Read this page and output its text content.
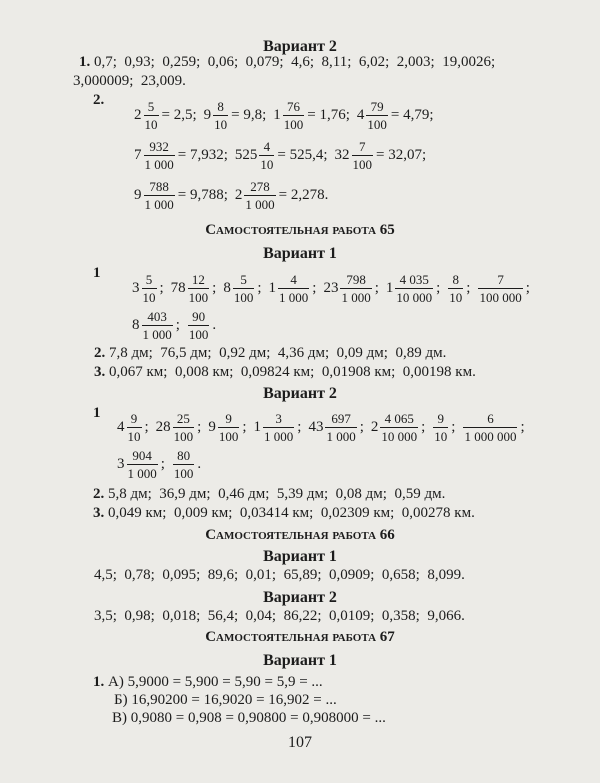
Вариант 2
1. 0,7;  0,93;  0,259;  0,06;  0,079;  4,6;  8,11;  6,02;  2,003;  19,0026;
3,000009;  23,009.
2.
$2 \frac{5}{10} = 2,5$; $9 \frac{8}{10} = 9,8$; $1 \frac{76}{100} = 1,76$; $4 \frac{79}{100} = 4,79$;
$7 \frac{932}{1 000} = 7,932$; $525 \frac{4}{10} = 525,4$; $32 \frac{7}{100} = 32,07$;
$9 \frac{788}{1 000} = 9,788$; $2 \frac{278}{1 000} = 2,278$.
Самостоятельная работа 65
Вариант 1
1
$3 \frac{5}{10}$ ; $78 \frac{12}{100}$ ; $8 \frac{5}{100}$ ; $1 \frac{4}{1 000}$ ; $23 \frac{798}{1 000}$ ; $1 \frac{4 035}{10 000}$ ; $\frac{8}{10}$ ; $\frac{7}{100 000}$ ;
$8 \frac{403}{1 000}$ ; $\frac{90}{100}$ .
2. 7,8 дм;  76,5 дм;  0,92 дм;  4,36 дм;  0,09 дм;  0,89 дм.
3. 0,067 км;  0,008 км;  0,09824 км;  0,01908 км;  0,00198 км.
Вариант 2
1
$4 \frac{9}{10}$ ; $28 \frac{25}{100}$ ; $9 \frac{9}{100}$ ; $1 \frac{3}{1 000}$ ; $43 \frac{697}{1 000}$ ; $2 \frac{4 065}{10 000}$ ; $\frac{9}{10}$ ; $\frac{6}{1 000 000}$ ;
$3 \frac{904}{1 000}$ ; $\frac{80}{100}$ .
2. 5,8 дм;  36,9 дм;  0,46 дм;  5,39 дм;  0,08 дм;  0,59 дм.
3. 0,049 км;  0,009 км;  0,03414 км;  0,02309 км;  0,00278 км.
Самостоятельная работа 66
Вариант 1
4,5;  0,78;  0,095;  89,6;  0,01;  65,89;  0,0909;  0,658;  8,099.
Вариант 2
3,5;  0,98;  0,018;  56,4;  0,04;  86,22;  0,0109;  0,358;  9,066.
Самостоятельная работа 67
Вариант 1
1. А) 5,9000 = 5,900 = 5,90 = 5,9 = ...
Б) 16,90200 = 16,9020 = 16,902 = ...
В) 0,9080 = 0,908 = 0,90800 = 0,908000 = ...
107
